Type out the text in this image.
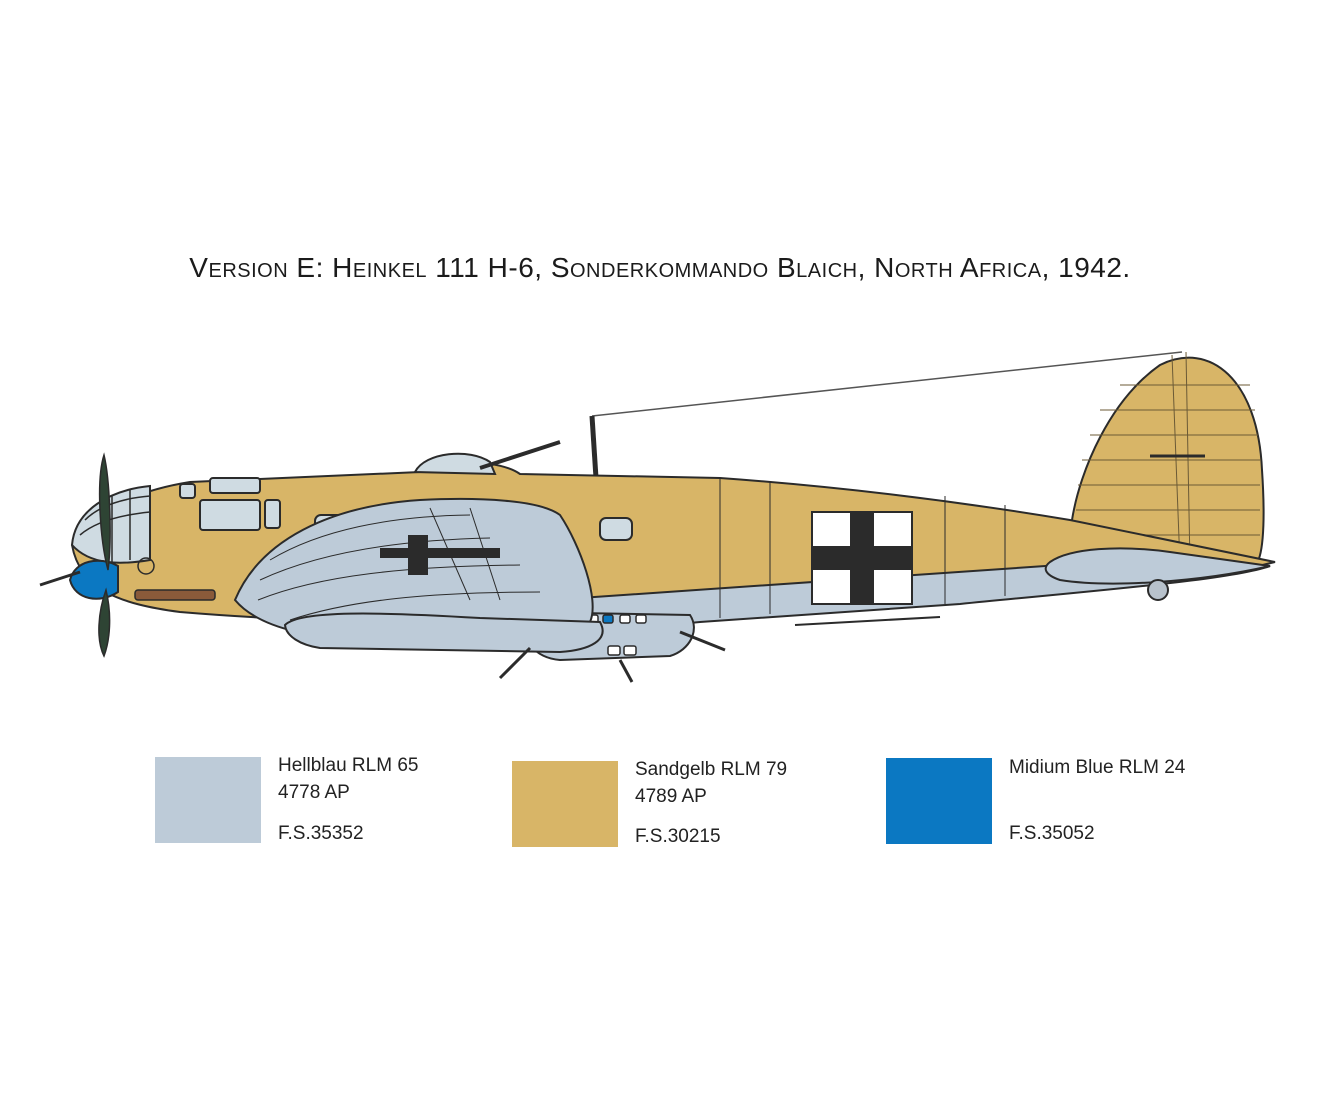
Version E: Heinkel 111 H-6, Sonderkommando Blaich, North Africa, 1942.
Hellblau RLM 65
4778 AP
F.S.35352
Sandgelb RLM 79
4789 AP
F.S.30215
Midium Blue RLM 24
F.S.35052
